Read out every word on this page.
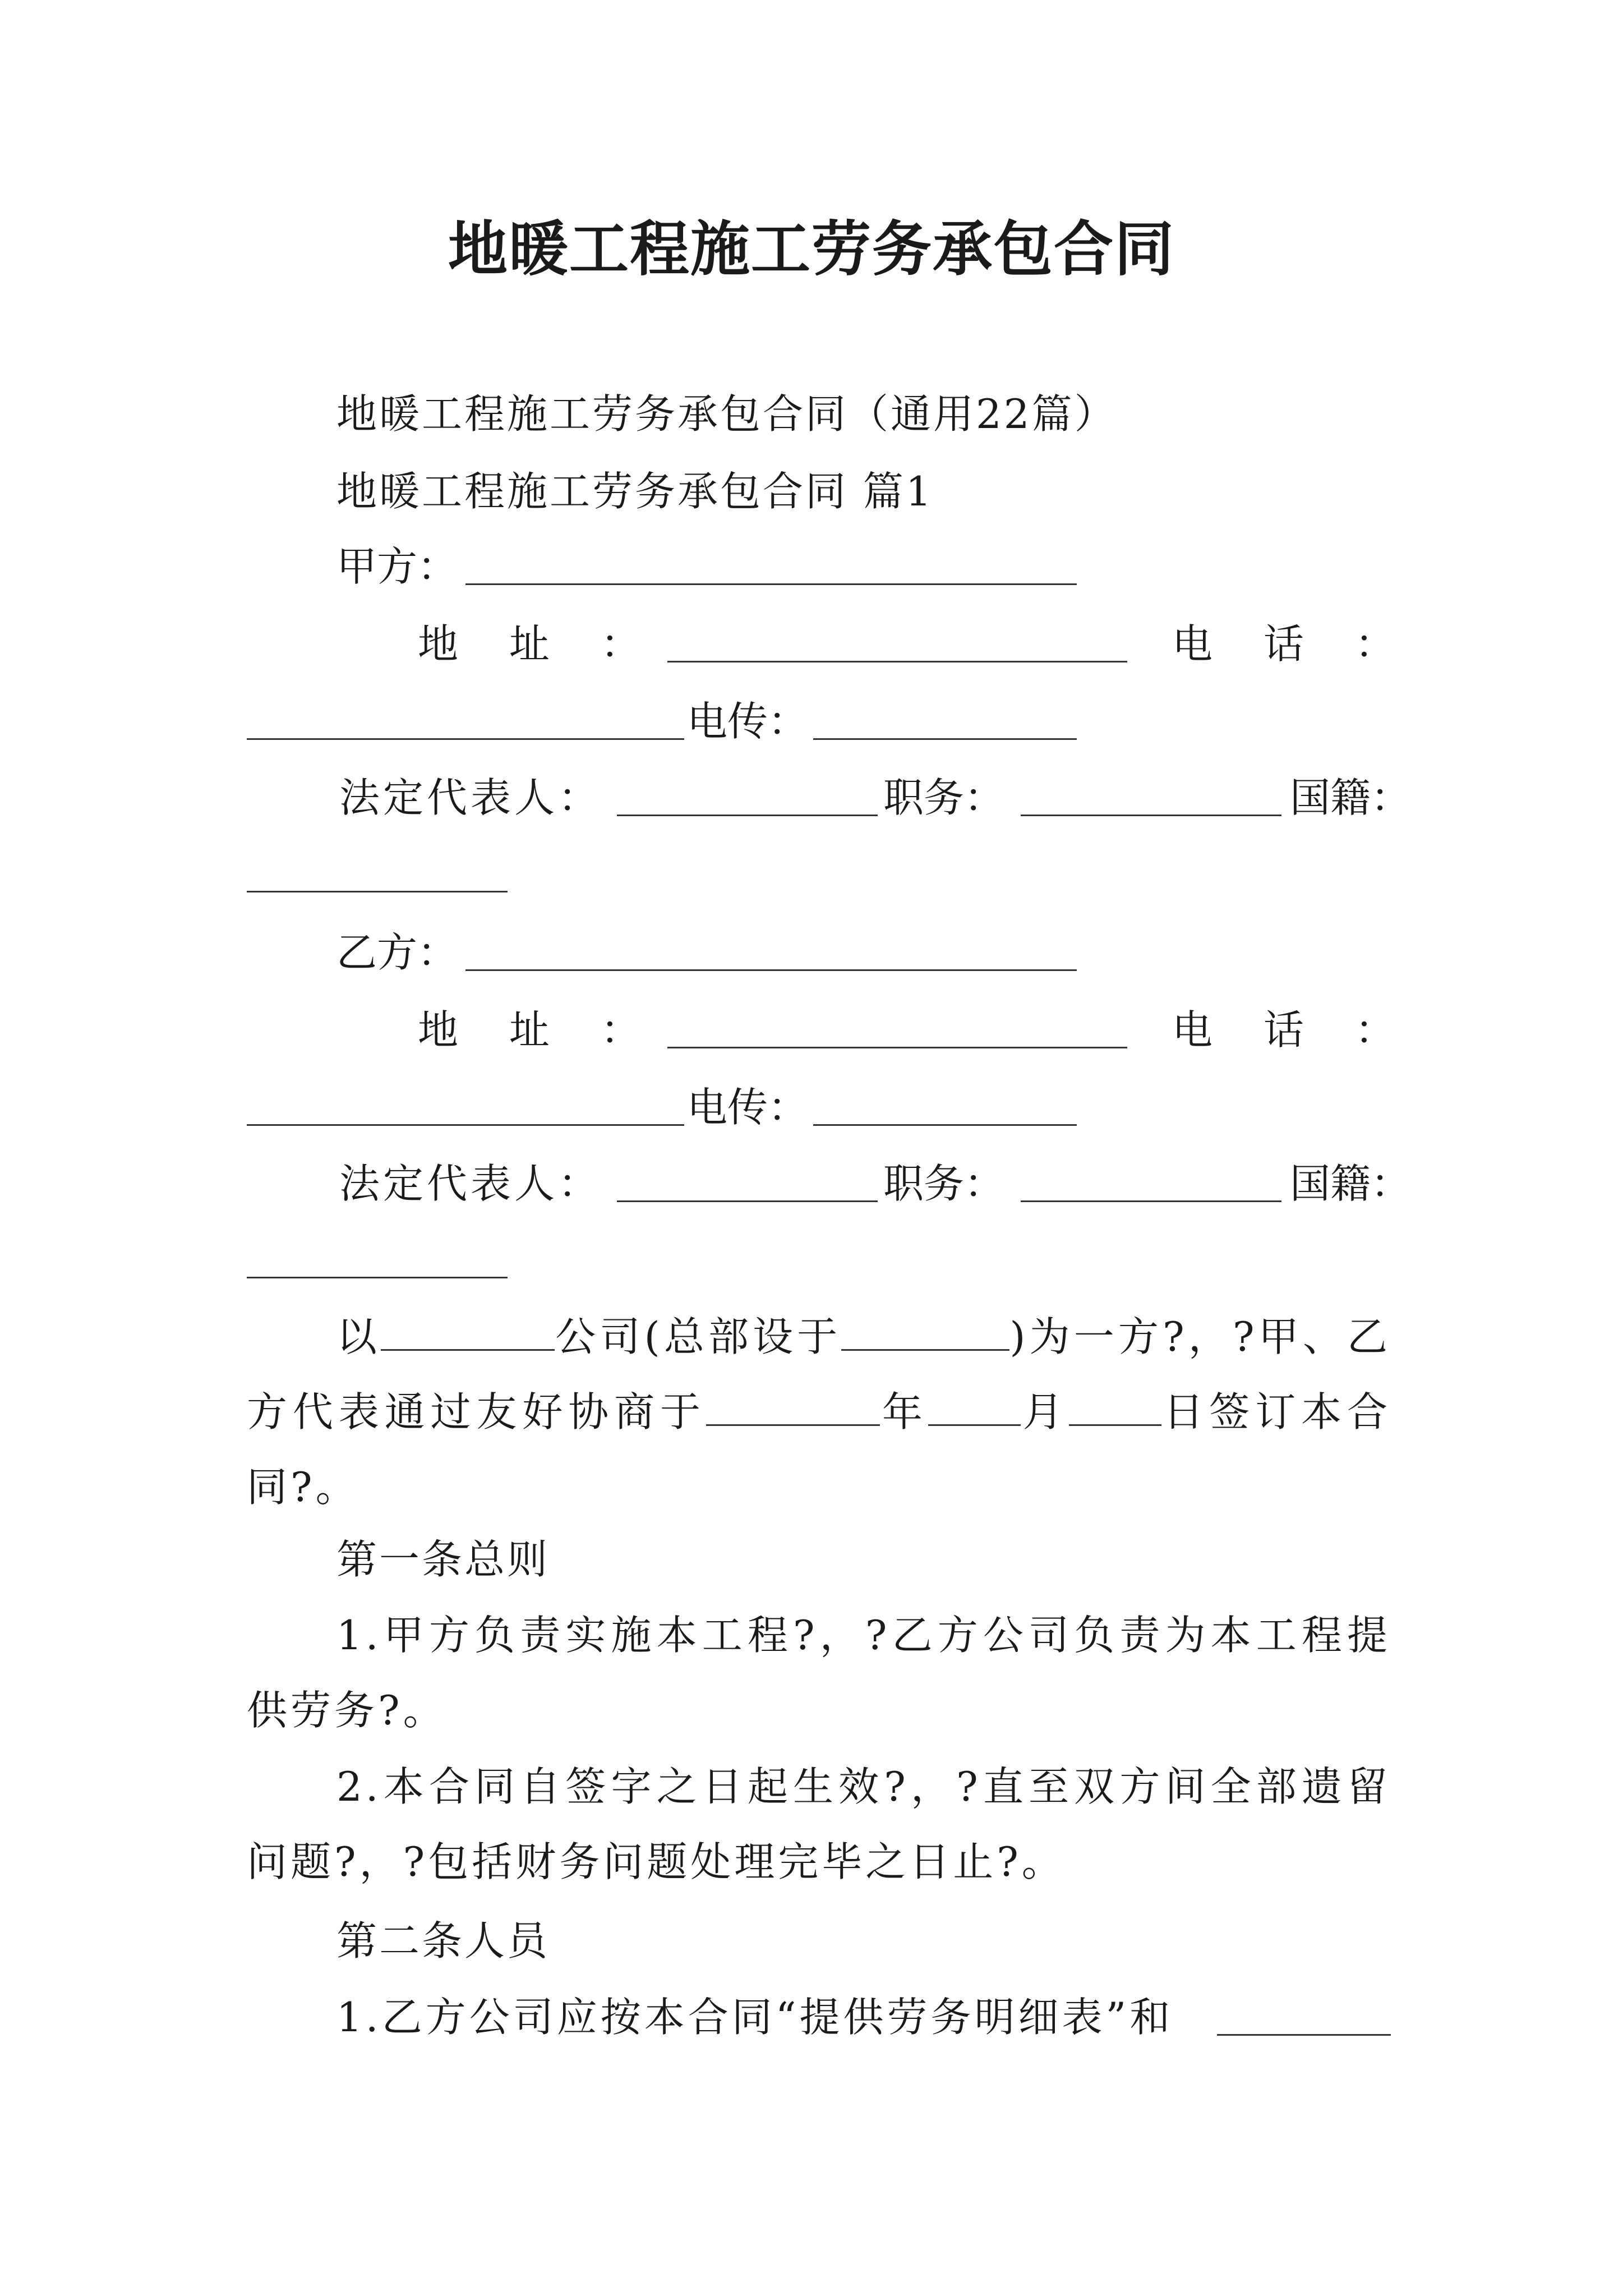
地暖工程施工劳务承包合同
地暖工程施工劳务承包合同（通用22篇）
地暖工程施工劳务承包合同 篇1
甲方：
地 址 ：	电 话 ：
电传：
法定代表人：	职务：	国籍：
乙方：
地 址 ：	电 话 ：
电传：
法定代表人：	职务：	国籍：
以	公司(总部设于	)为一方?，?甲、乙方代表通过友好协商于	年 月 日签订本合同?。
第一条总则
1.甲方负责实施本工程?，?乙方公司负责为本工程提供劳务?。
2.本合同自签字之日起生效?，?直至双方间全部遗留问题?，?包括财务问题处理完毕之日止?。
第二条人员
1.乙方公司应按本合同“提供劳务明细表”和
